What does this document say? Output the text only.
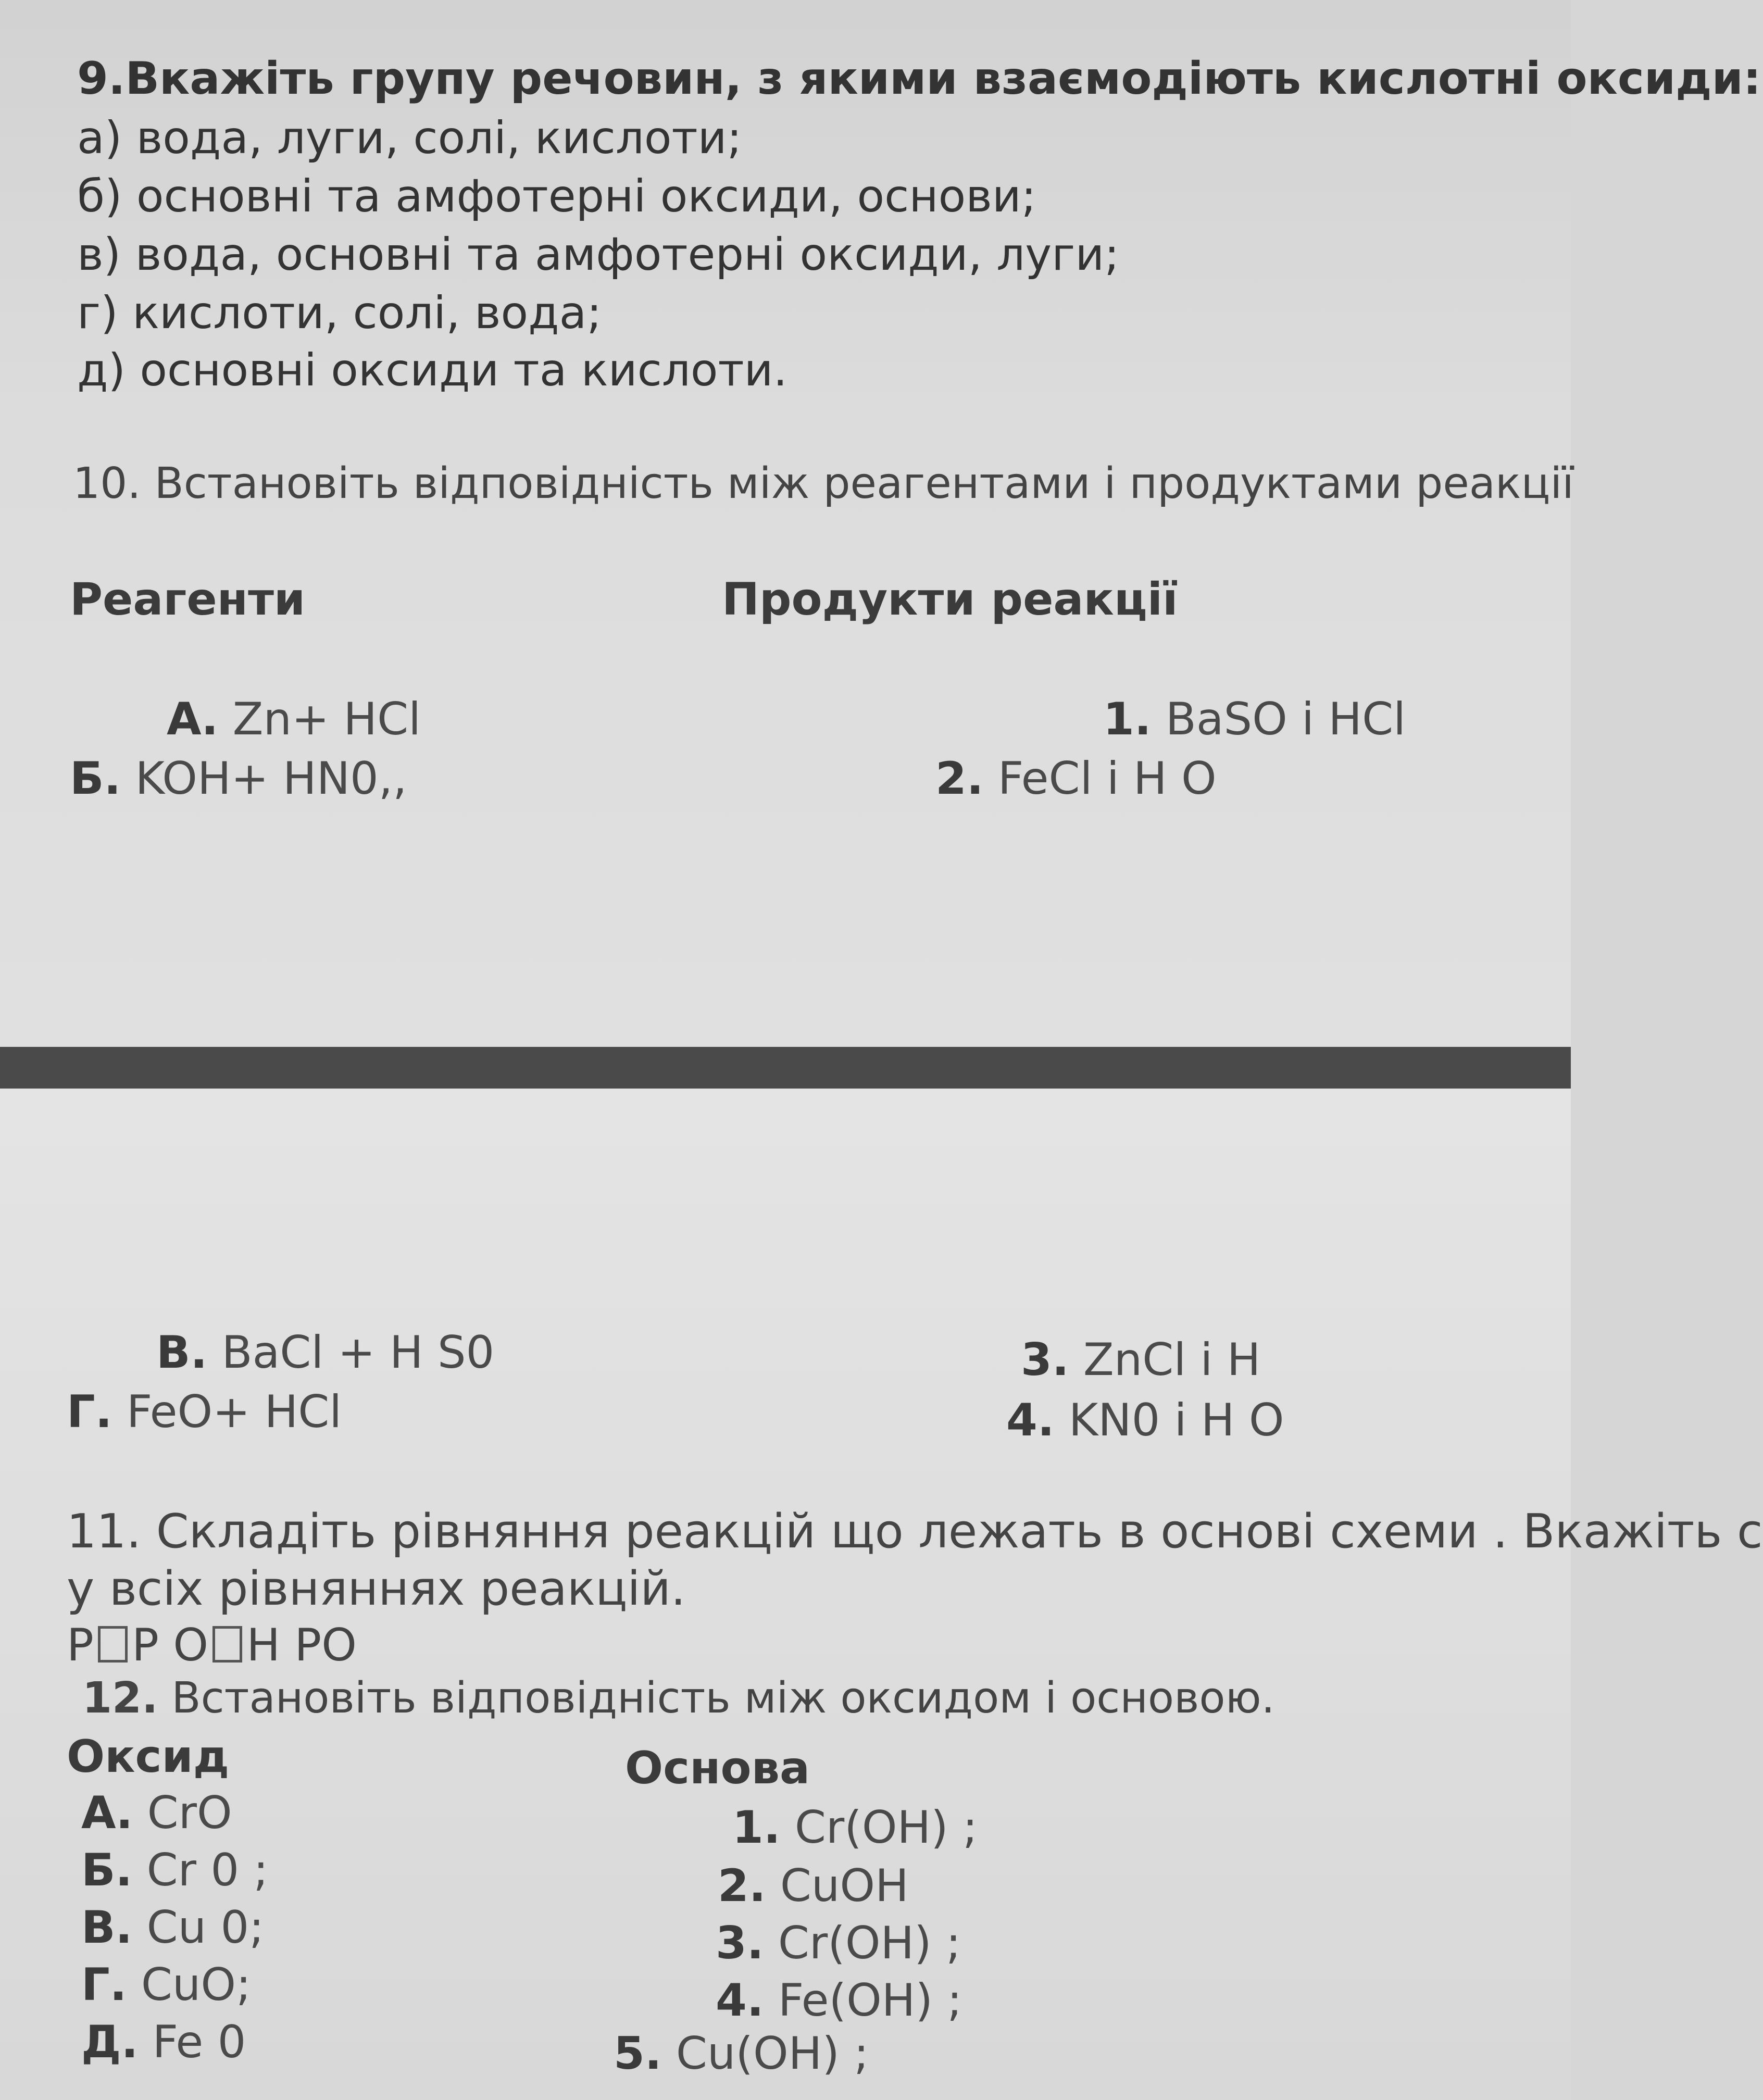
9.Вкажіть групу речовин, з якими взаємодіють кислотні оксиди:
а) вода, луги, солі, кислоти;
б) основні та амфотерні оксиди, основи;
в) вода, основні та амфотерні оксиди, луги;
г) кислоти, солі, вода;
д) основні оксиди та кислоти.
10. Встановіть відповідність між реагентами і продуктами реакції
Реагенти	Продукти реакції
А. Zn+ HCl
Б. KOH+ HN0,,
1. BaSO і HCl
2. FeCl і H O
В. BaCl + H S0
Г. FeO+ HCl
3. ZnCl і H
4. KN0 і H O
11. Складіть рівняння реакцій що лежать в основі схеми . Вкажіть с
у всіх рівняннях реакцій.
P P O H PO
12. Встановіть відповідність між оксидом і основою.
Оксид	Основа
А. CrO
Б. Cr 0 ;
В. Cu 0;
Г. CuO;
Д. Fe 0
1. Cr(OH) ;
2. CuOH
3. Cr(OH) ;
4. Fe(OH) ;
5. Cu(OH) ;
